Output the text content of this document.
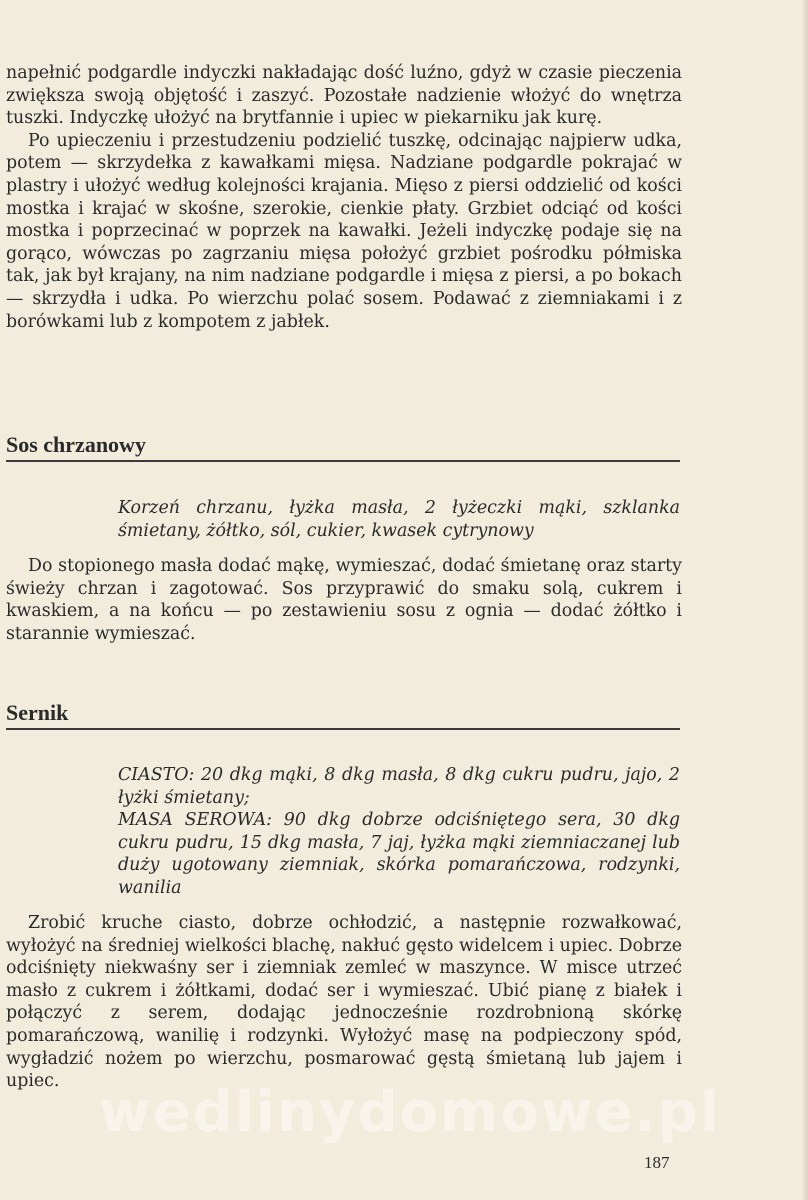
napełnić podgardle indyczki nakładając dość luźno, gdyż w czasie pieczenia zwiększa swoją objętość i zaszyć. Pozostałe nadzienie włożyć do wnętrza tuszki. Indyczkę ułożyć na brytfannie i upiec w piekarniku jak kurę.

Po upieczeniu i przestudzeniu podzielić tuszkę, odcinając najpierw udka, potem — skrzydełka z kawałkami mięsa. Nadziane podgardle pokrajać w plastry i ułożyć według kolejności krajania. Mięso z piersi oddzielić od kości mostka i krajać w skośne, szerokie, cienkie płaty. Grzbiet odciąć od kości mostka i poprzecinać w poprzek na kawałki. Jeżeli indyczkę podaje się na gorąco, wówczas po zagrzaniu mięsa położyć grzbiet pośrodku półmiska tak, jak był krajany, na nim nadziane podgardle i mięsa z piersi, a po bokach — skrzydła i udka. Po wierzchu polać sosem. Podawać z ziemniakami i z borówkami lub z kompotem z jabłek.

Sos chrzanowy
Korzeń chrzanu, łyżka masła, 2 łyżeczki mąki, szklanka śmietany, żółtko, sól, cukier, kwasek cytrynowy

Do stopionego masła dodać mąkę, wymieszać, dodać śmietanę oraz starty świeży chrzan i zagotować. Sos przyprawić do smaku solą, cukrem i kwaskiem, a na końcu — po zestawieniu sosu z ognia — dodać żółtko i starannie wymieszać.

Sernik
CIASTO: 20 dkg mąki, 8 dkg masła, 8 dkg cukru pudru, jajo, 2 łyżki śmietany;
MASA SEROWA: 90 dkg dobrze odciśniętego sera, 30 dkg cukru pudru, 15 dkg masła, 7 jaj, łyżka mąki ziemniaczanej lub duży ugotowany ziemniak, skórka pomarańczowa, rodzynki, wanilia

Zrobić kruche ciasto, dobrze ochłodzić, a następnie rozwałkować, wyłożyć na średniej wielkości blachę, nakłuć gęsto widelcem i upiec. Dobrze odciśnięty niekwaśny ser i ziemniak zemleć w maszynce. W misce utrzeć masło z cukrem i żółtkami, dodać ser i wymieszać. Ubić pianę z białek i połączyć z serem, dodając jednocześnie rozdrobnioną skórkę pomarańczową, wanilię i rodzynki. Wyłożyć masę na podpieczony spód, wygładzić nożem po wierzchu, posmarować gęstą śmietaną lub jajem i upiec. wedlinydomowe.pl
187
